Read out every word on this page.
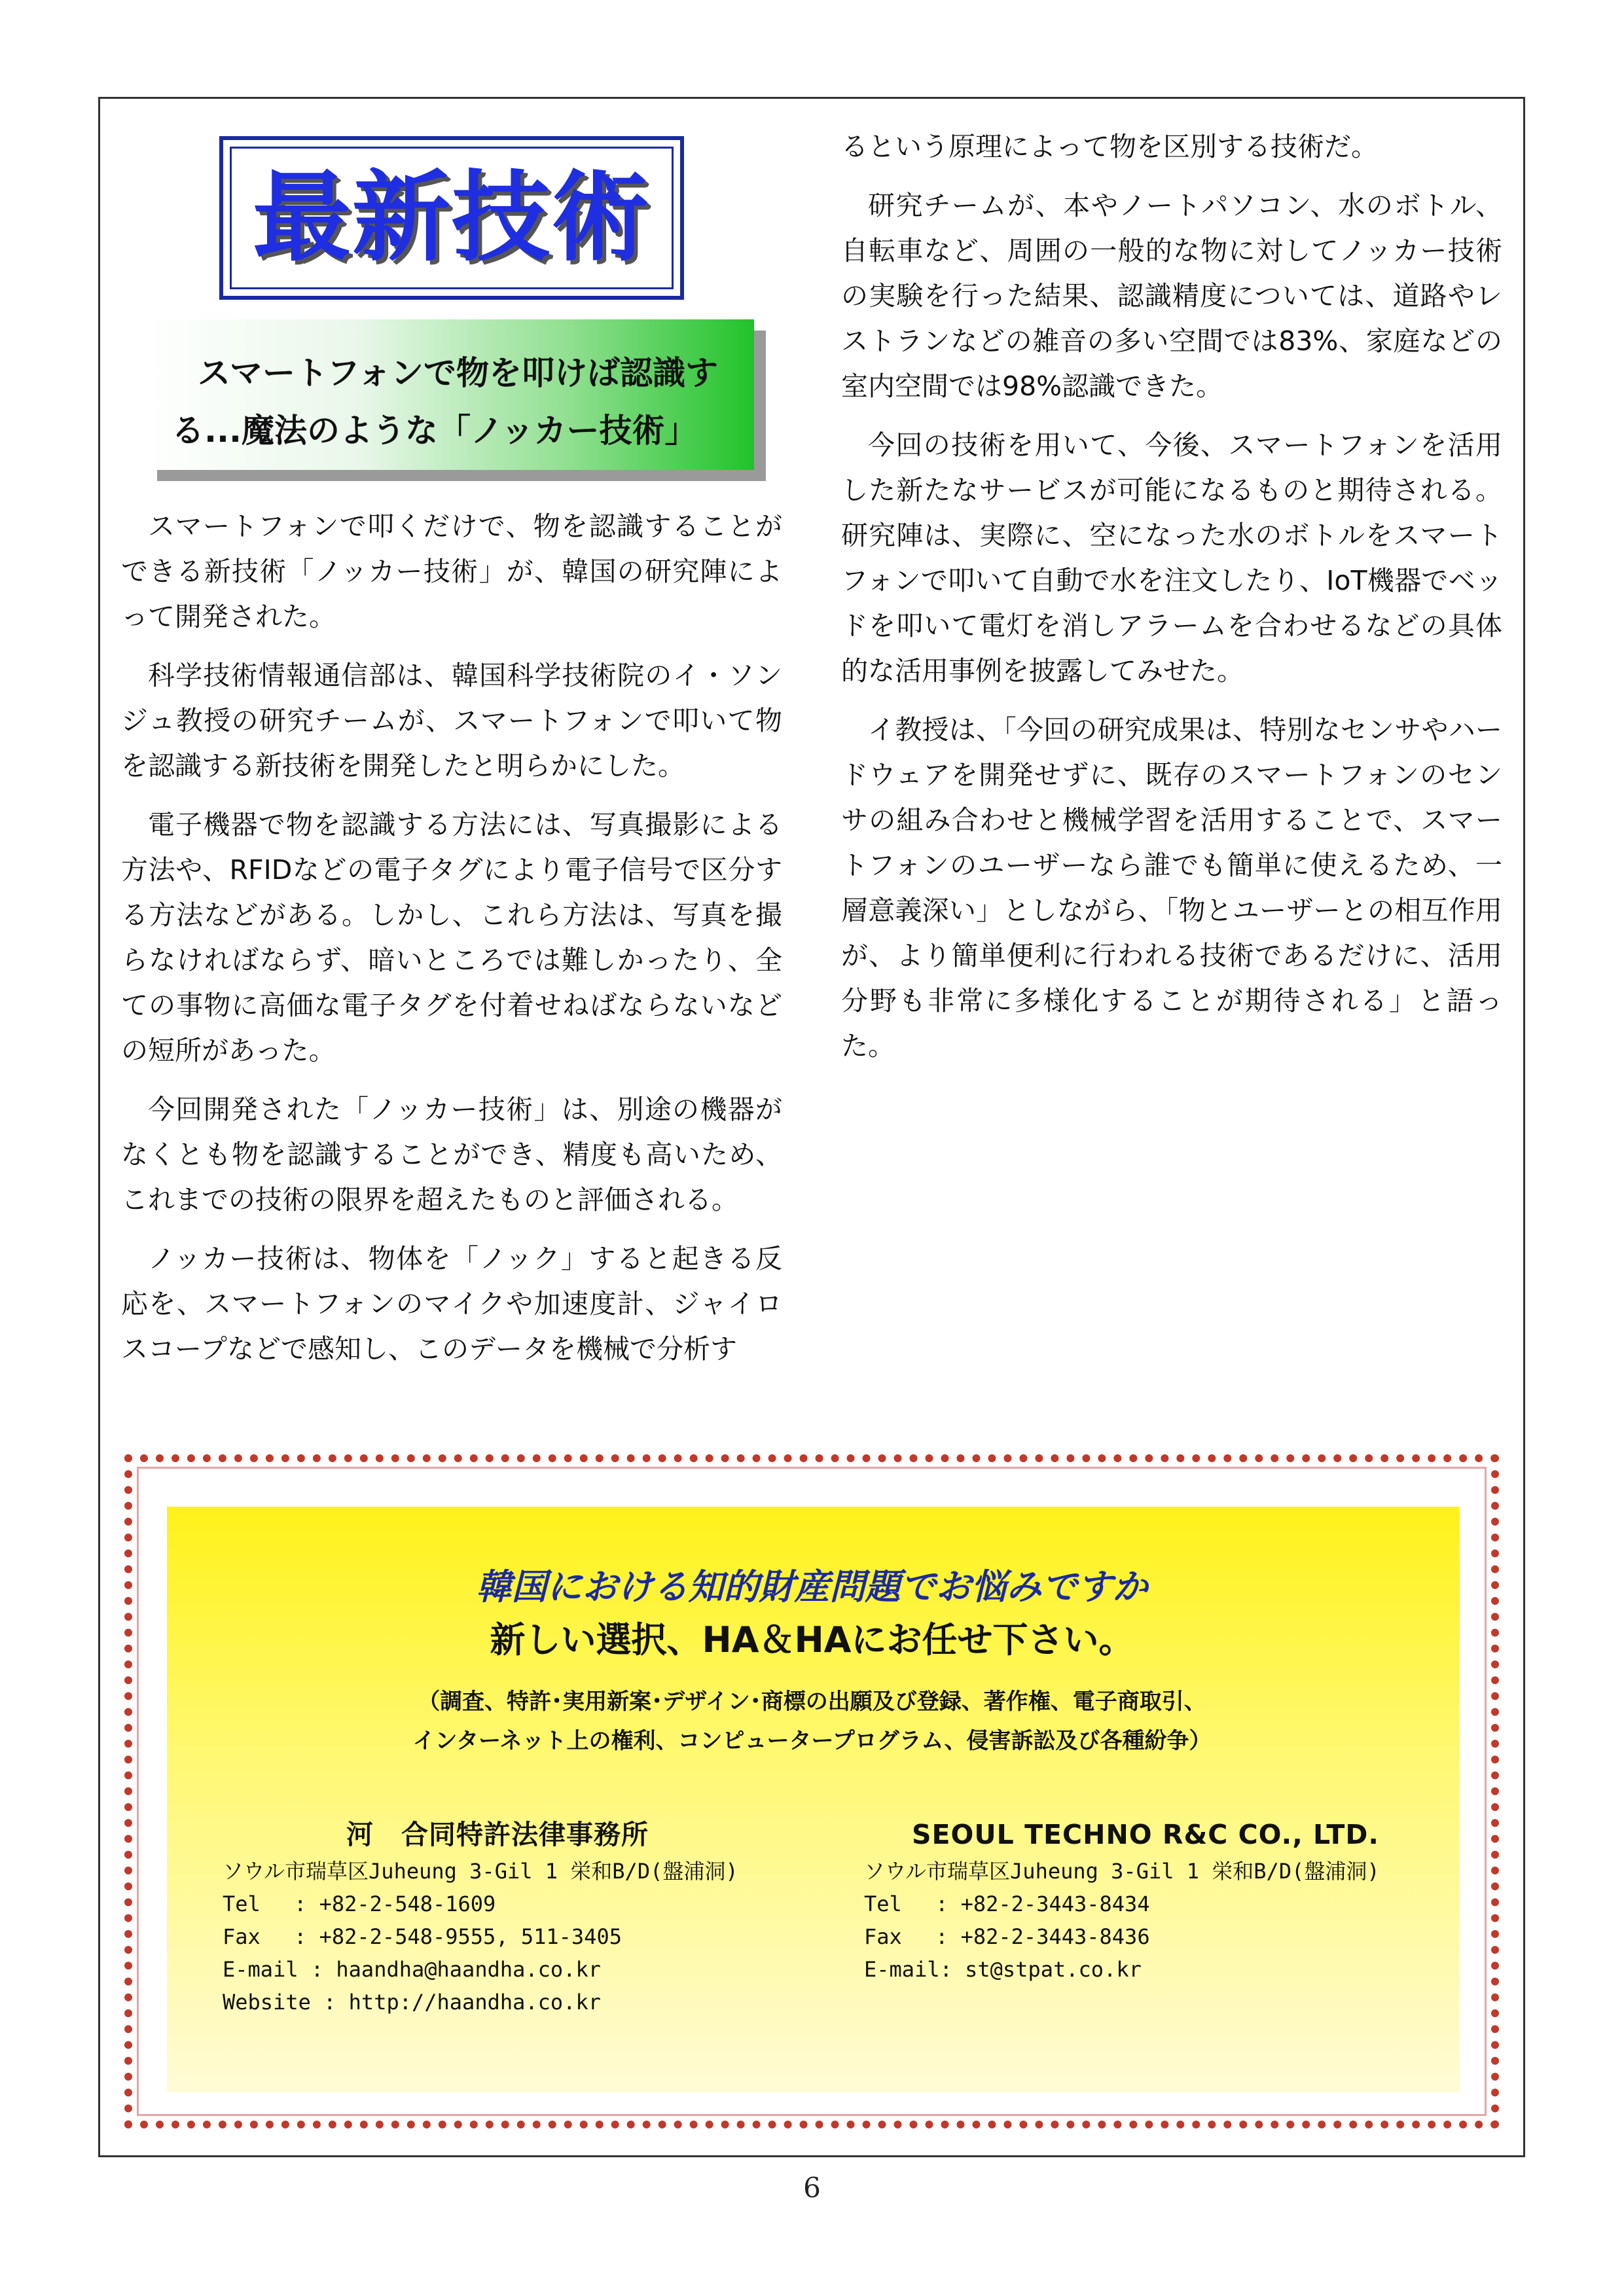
最新技術
スマートフォンで物を叩けば認識す
る...魔法のような「ノッカー技術」

スマートフォンで叩くだけで、物を認識することができる新技術「ノッカー技術」が、韓国の研究陣によって開発された。

科学技術情報通信部は、韓国科学技術院のイ・ソンジュ教授の研究チームが、スマートフォンで叩いて物を認識する新技術を開発したと明らかにした。

電子機器で物を認識する方法には、写真撮影による方法や、RFIDなどの電子タグにより電子信号で区分する方法などがある。しかし、これら方法は、写真を撮らなければならず、暗いところでは難しかったり、全ての事物に高価な電子タグを付着せねばならないなどの短所があった。

今回開発された「ノッカー技術」は、別途の機器がなくとも物を認識することができ、精度も高いため、これまでの技術の限界を超えたものと評価される。

ノッカー技術は、物体を「ノック」すると起きる反応を、スマートフォンのマイクや加速度計、ジャイロスコープなどで感知し、このデータを機械で分析す

るという原理によって物を区別する技術だ。

研究チームが、本やノートパソコン、水のボトル、自転車など、周囲の一般的な物に対してノッカー技術の実験を行った結果、認識精度については、道路やレストランなどの雑音の多い空間では83%、家庭などの室内空間では98%認識できた。

今回の技術を用いて、今後、スマートフォンを活用した新たなサービスが可能になるものと期待される。研究陣は、実際に、空になった水のボトルをスマートフォンで叩いて自動で水を注文したり、IoT機器でベッドを叩いて電灯を消しアラームを合わせるなどの具体的な活用事例を披露してみせた。

イ教授は、「今回の研究成果は、特別なセンサやハードウェアを開発せずに、既存のスマートフォンのセンサの組み合わせと機械学習を活用することで、スマートフォンのユーザーなら誰でも簡単に使えるため、一層意義深い」としながら、「物とユーザーとの相互作用が、より簡単便利に行われる技術であるだけに、活用分野も非常に多様化することが期待される」と語った。

韓国における知的財産問題でお悩みですか
新しい選択、HA＆HAにお任せ下さい。
（調査、特許･実用新案･デザイン･商標の出願及び登録、著作権、電子商取引、
インターネット上の権利、コンピュータープログラム、侵害訴訟及び各種紛争）
河　合同特許法律事務所
ソウル市瑞草区Juheung 3-Gil 1 栄和B/D(盤浦洞)
Tel　 : +82-2-548-1609
Fax　 : +82-2-548-9555, 511-3405
E-mail : haandha@haandha.co.kr
Website : http://haandha.co.kr
SEOUL TECHNO R&C CO., LTD.
ソウル市瑞草区Juheung 3-Gil 1 栄和B/D(盤浦洞)
Tel　 : +82-2-3443-8434
Fax　 : +82-2-3443-8436
E-mail: st@stpat.co.kr
6
